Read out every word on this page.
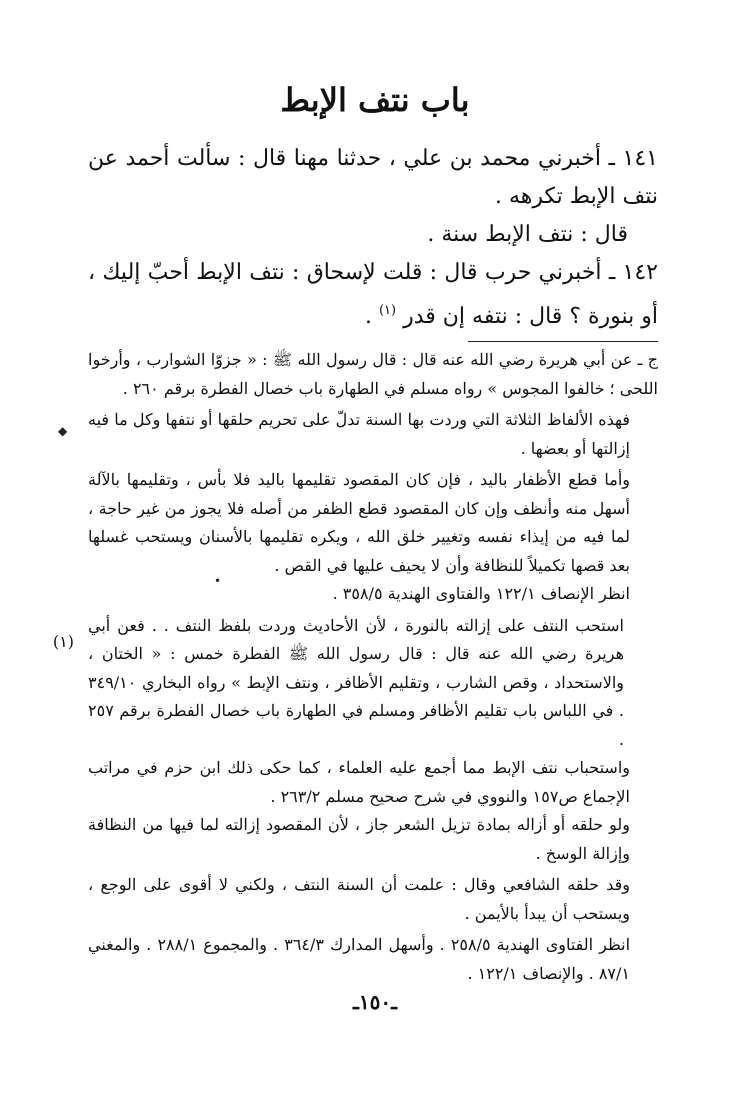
باب نتف الإبط

١٤١ ـ أخبرني محمد بن علي ، حدثنا مهنا قال : سألت أحمد عن نتف الإبط تكرهه .

قال : نتف الإبط سنة .

١٤٢ ـ أخبرني حرب قال : قلت لإسحاق : نتف الإبط أحبّ إليك ، أو بنورة ؟ قال : نتفه إن قدر $^{(١)}$ .

ج ـ عن أبي هريرة رضي الله عنه قال : قال رسول الله ﷺ : « جزوّا الشوارب ، وأرخوا اللحى ؛ خالفوا المجوس » رواه مسلم في الطهارة باب خصال الفطرة برقم ٢٦٠ .

فهذه الألفاظ الثلاثة التي وردت بها السنة تدلّ على تحريم حلقها أو نتفها وكل ما فيه إزالتها أو بعضها .

وأما قطع الأظفار باليد ، فإن كان المقصود تقليمها باليد فلا بأس ، وتقليمها بالآلة أسهل منه وأنظف وإن كان المقصود قطع الظفر من أصله فلا يجوز من غير حاجة ، لما فيه من إيذاء نفسه وتغيير خلق الله ، ويكره تقليمها بالأسنان ويستحب غسلها بعد قصها تكميلاً للنظافة وأن لا يحيف عليها في القص .

انظر الإنصاف ١٢٢/١ والفتاوى الهندية ٣٥٨/٥ .

استحب النتف على إزالته بالنورة ، لأن الأحاديث وردت بلفظ النتف . . فعن أبي هريرة رضي الله عنه قال : قال رسول الله ﷺ الفطرة خمس : « الختان ، والاستحداد ، وقص الشارب ، وتقليم الأظافر ، ونتف الإبط » رواه البخاري ٣٤٩/١٠ . في اللباس باب تقليم الأظافر ومسلم في الطهارة باب خصال الفطرة برقم ٢٥٧ .

واستحباب نتف الإبط مما أجمع عليه العلماء ، كما حكى ذلك ابن حزم في مراتب الإجماع ص١٥٧ والنووي في شرح صحيح مسلم ٢٦٣/٢ .

ولو حلقه أو أزاله بمادة تزيل الشعر جاز ، لأن المقصود إزالته لما فيها من النظافة وإزالة الوسخ .

وقد حلقه الشافعي وقال : علمت أن السنة النتف ، ولكني لا أقوى على الوجع ، ويستحب أن يبدأ بالأيمن .

انظر الفتاوى الهندية ٢٥٨/٥ . وأسهل المدارك ٣٦٤/٣ . والمجموع ٢٨٨/١ . والمغني ٨٧/١ . والإنصاف ١٢٢/١ .

(١)
◆
•
ـ١٥٠ـ
